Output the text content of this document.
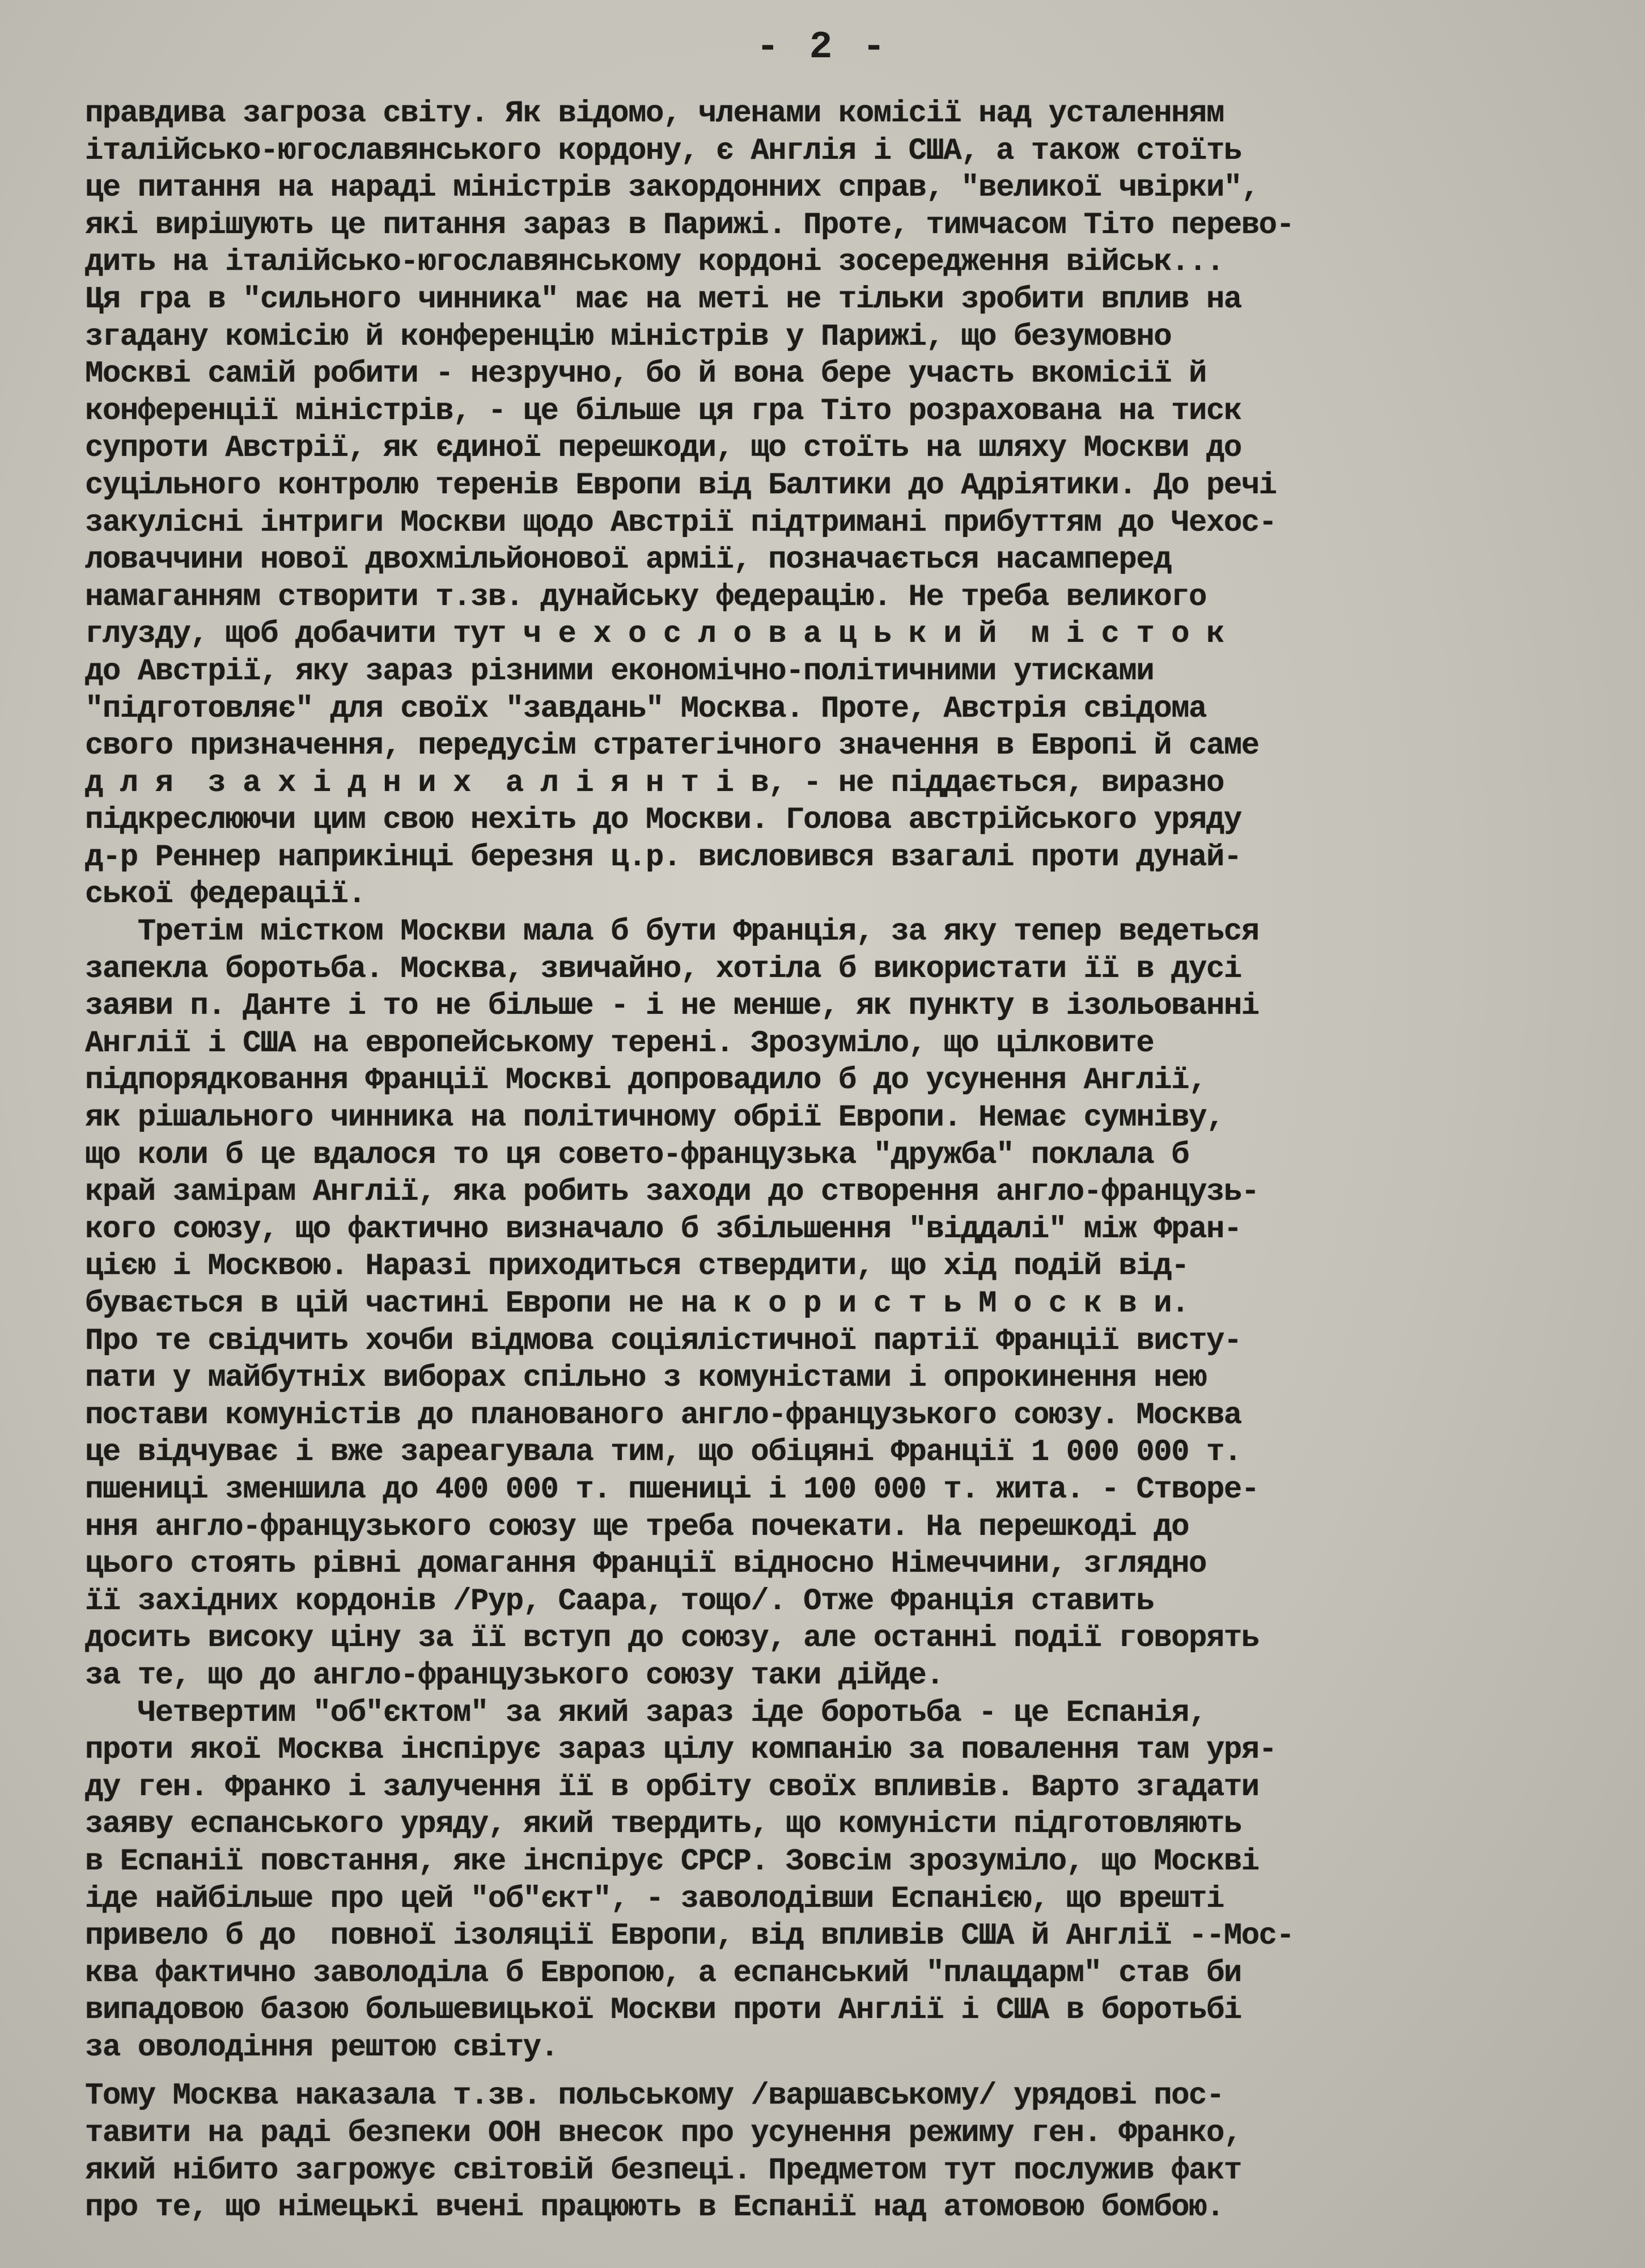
- 2 -
правдива загроза світу. Як відомо, членами комісії над усталенням
італійсько-югославянського кордону, є Англія і США, а також стоїть
це питання на нараді міністрів закордонних справ, "великої чвірки",
які вирішують це питання зараз в Парижі. Проте, тимчасом Тіто перево-
дить на італійсько-югославянському кордоні зосередження військ...
Ця гра в "сильного чинника" має на меті не тільки зробити вплив на
згадану комісію й конференцію міністрів у Парижі, що безумовно
Москві самій робити - незручно, бо й вона бере участь вкомісії й
конференції міністрів, - це більше ця гра Тіто розрахована на тиск
супроти Австрії, як єдиної перешкоди, що стоїть на шляху Москви до
суцільного контролю теренів Европи від Балтики до Адріятики. До речі
закулісні інтриги Москви щодо Австрії підтримані прибуттям до Чехос-
ловаччини нової двохмільйонової армії, позначається насамперед
намаганням створити т.зв. дунайську федерацію. Не треба великого
глузду, щоб добачити тут ч е х о с л о в а ц ь к и й  м і с т о к
до Австрії, яку зараз різними економічно-політичними утисками
"підготовляє" для своїх "завдань" Москва. Проте, Австрія свідома
свого призначення, передусім стратегічного значення в Европі й саме
д л я  з а х і д н и х  а л і я н т і в, - не піддається, виразно
підкреслюючи цим свою нехіть до Москви. Голова австрійського уряду
д-р Реннер наприкінці березня ц.р. висловився взагалі проти дунай-
ської федерації.
Третім містком Москви мала б бути Франція, за яку тепер ведеться
запекла боротьба. Москва, звичайно, хотіла б використати її в дусі
заяви п. Данте і то не більше - і не менше, як пункту в ізольованні
Англії і США на европейському терені. Зрозуміло, що цілковите
підпорядковання Франції Москві допровадило б до усунення Англії,
як рішального чинника на політичному обрії Европи. Немає сумніву,
що коли б це вдалося то ця совето-французька "дружба" поклала б
край замірам Англії, яка робить заходи до створення англо-французь-
кого союзу, що фактично визначало б збільшення "віддалі" між Фран-
цією і Москвою. Наразі приходиться ствердити, що хід подій від-
бувається в цій частині Европи не на к о р и с т ь М о с к в и.
Про те свідчить хочби відмова соціялістичної партії Франції висту-
пати у майбутніх виборах спільно з комуністами і опрокинення нею
постави комуністів до планованого англо-французького союзу. Москва
це відчуває і вже зареагувала тим, що обіцяні Франції 1 000 000 т.
пшениці зменшила до 400 000 т. пшениці і 100 000 т. жита. - Створе-
ння англо-французького союзу ще треба почекати. На перешкоді до
цього стоять рівні домагання Франції відносно Німеччини, зглядно
її західних кордонів /Рур, Саара, тощо/. Отже Франція ставить
досить високу ціну за її вступ до союзу, але останні події говорять
за те, що до англо-французького союзу таки дійде.
Четвертим "об"єктом" за який зараз іде боротьба - це Еспанія,
проти якої Москва інспірує зараз цілу компанію за повалення там уря-
ду ген. Франко і залучення її в орбіту своїх впливів. Варто згадати
заяву еспанського уряду, який твердить, що комуністи підготовляють
в Еспанії повстання, яке інспірує СРСР. Зовсім зрозуміло, що Москві
іде найбільше про цей "об"єкт", - заволодівши Еспанією, що врешті
привело б до  повної ізоляції Европи, від впливів США й Англії --Мос-
ква фактично заволоділа б Европою, а еспанський "плацдарм" став би
випадовою базою большевицької Москви проти Англії і США в боротьбі
за оволодіння рештою світу.
Тому Москва наказала т.зв. польському /варшавському/ урядові пос-
тавити на раді безпеки ООН внесок про усунення режиму ген. Франко,
який нібито загрожує світовій безпеці. Предметом тут послужив факт
про те, що німецькі вчені працюють в Еспанії над атомовою бомбою.
